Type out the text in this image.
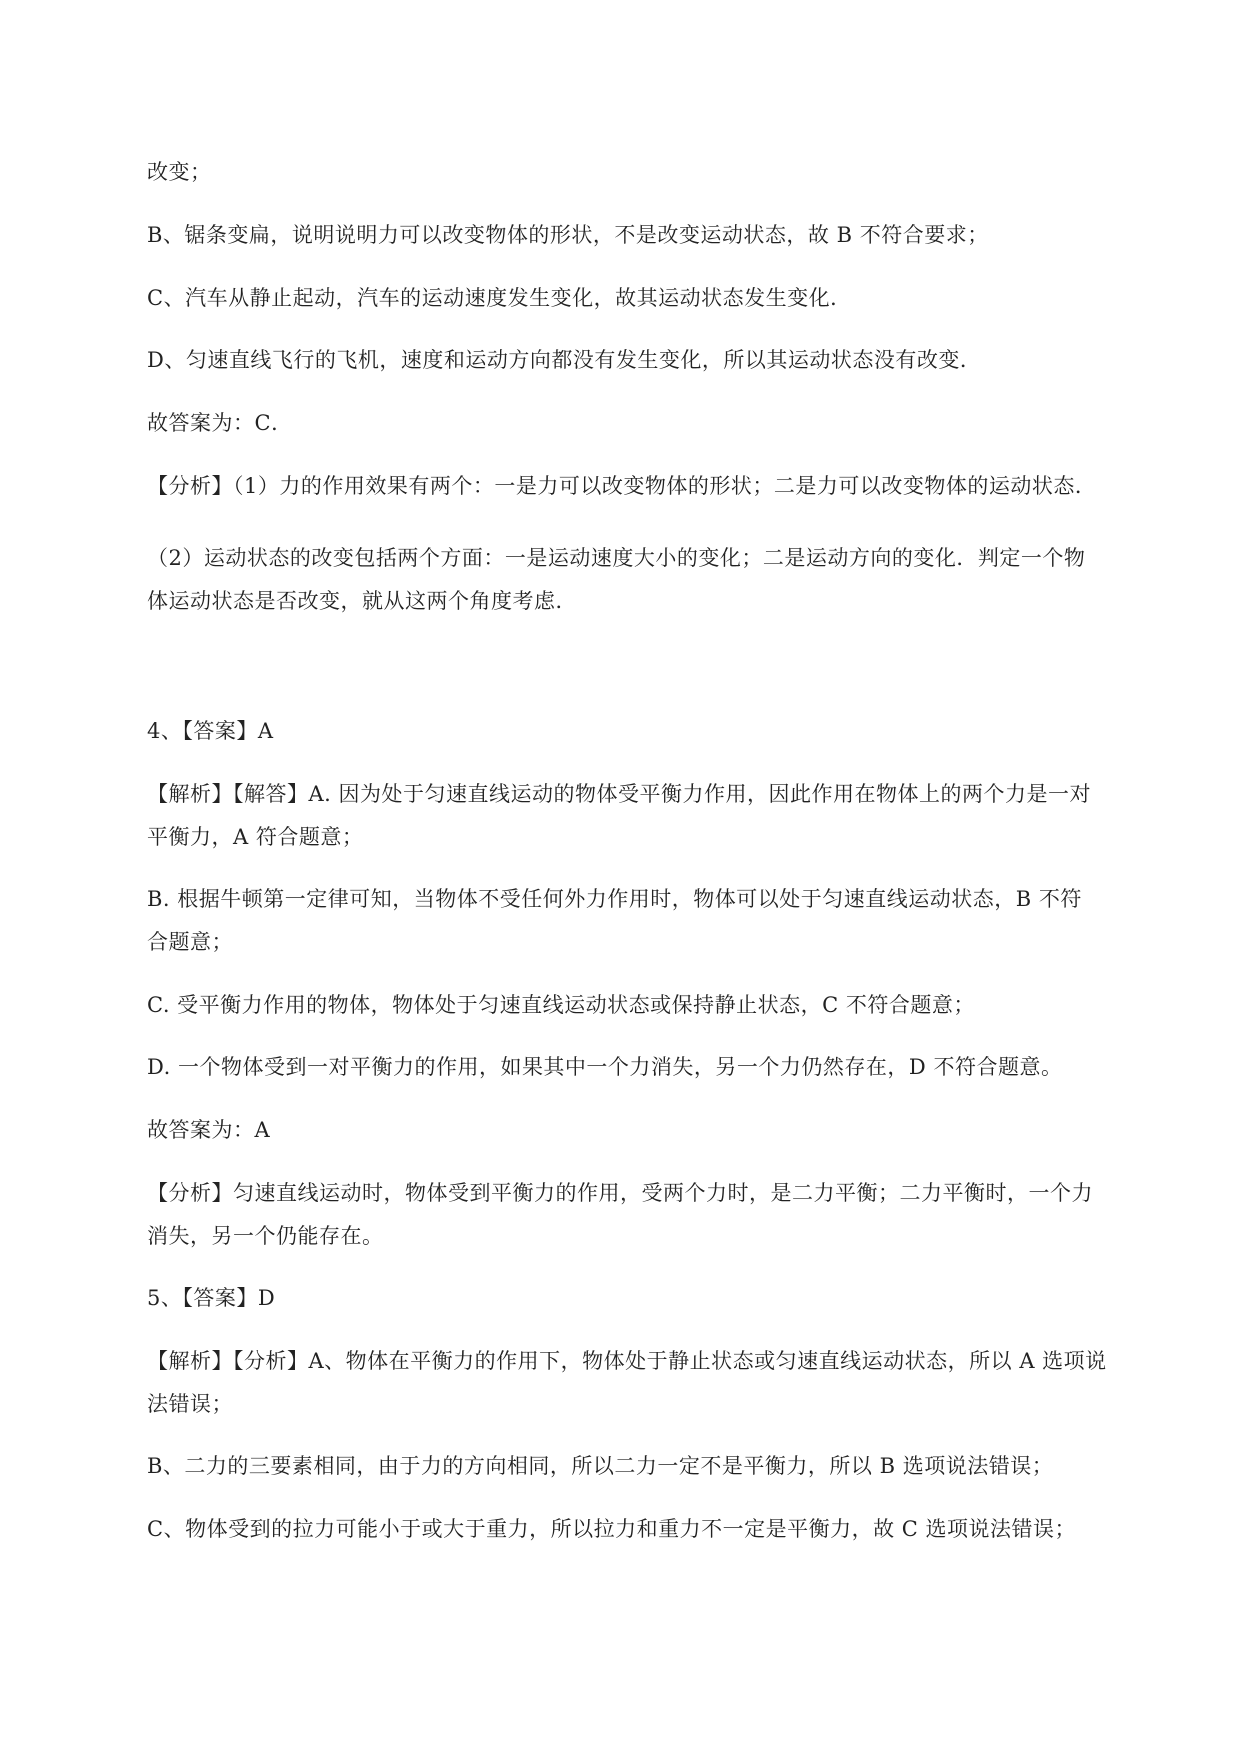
改变；
B、锯条变扁，说明说明力可以改变物体的形状，不是改变运动状态，故 B 不符合要求；
C、汽车从静止起动，汽车的运动速度发生变化，故其运动状态发生变化．
D、匀速直线飞行的飞机，速度和运动方向都没有发生变化，所以其运动状态没有改变．
故答案为：C．
【分析】（1）力的作用效果有两个：一是力可以改变物体的形状；二是力可以改变物体的运动状态．
（2）运动状态的改变包括两个方面：一是运动速度大小的变化；二是运动方向的变化．判定一个物
体运动状态是否改变，就从这两个角度考虑．
4、【答案】A
【解析】【解答】A. 因为处于匀速直线运动的物体受平衡力作用，因此作用在物体上的两个力是一对
平衡力，A 符合题意；
B. 根据牛顿第一定律可知，当物体不受任何外力作用时，物体可以处于匀速直线运动状态，B 不符
合题意；
C. 受平衡力作用的物体，物体处于匀速直线运动状态或保持静止状态，C 不符合题意；
D. 一个物体受到一对平衡力的作用，如果其中一个力消失，另一个力仍然存在，D 不符合题意。
故答案为：A
【分析】匀速直线运动时，物体受到平衡力的作用，受两个力时，是二力平衡；二力平衡时，一个力
消失，另一个仍能存在。
5、【答案】D
【解析】【分析】A、物体在平衡力的作用下，物体处于静止状态或匀速直线运动状态，所以 A 选项说
法错误；
B、二力的三要素相同，由于力的方向相同，所以二力一定不是平衡力，所以 B 选项说法错误；
C、物体受到的拉力可能小于或大于重力，所以拉力和重力不一定是平衡力，故 C 选项说法错误；
